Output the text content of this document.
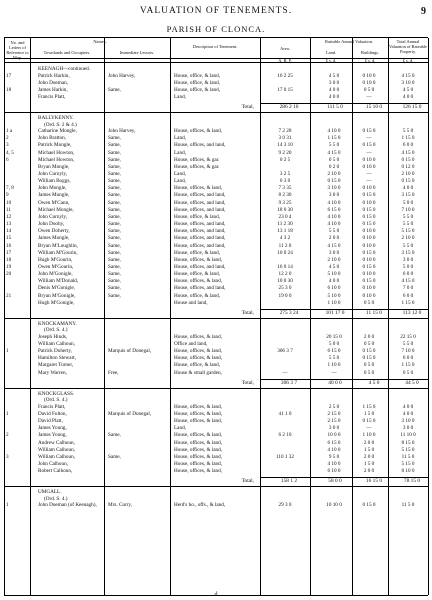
VALUATION OF TENEMENTS.	9
PARISH OF CLONCA.
No. and Letters of Reference to Map.
Names.
Townlands and Occupiers.	Immediate Lessors.
Description of Tenement.	Area.
Rateable Annual Valuation.
Land.	Buildings.
Total Annual Valuation of Rateable Property.
A. R. P.	£ s. d.	£ s. d.	£ s. d.
KEENAGH—continued.
17	Patrick Harkin,	John Harvey,	House, office, & land,	16 2 25	4 5 0	0 10 0	4 15 0
John Doeman,	House, office, & land,	3 0 0	0 10 0	3 10 0
18	James Harkin,	Same,	House, office, & land,	17 0 15	4 0 0	0 5 0	4 5 0
Francis Platt,	Land,	4 0 0	—	4 0 0
Total,	286 2 10	111 5 0	15 10 0	126 15 0
BALLYKENNY.
(Ord. S. 2 & 4.)
1 a	Catharine Mongle,	John Harvey,	House, offices, & land,	7 2 28	4 10 0	0 15 0	5 5 0
2	John Bratton,	Same,	Land,	3 0 31	1 15 0	—	1 15 0
3	Patrick Mongle,	Same,	House, offices, and land,	14 3 10	5 5 0	0 15 0	6 0 0
4, 5	Michael Howton,	Same,	Land,	9 2 20	4 15 0	—	4 15 0
6	Michael Howton,	Same,	House, offices, & gar.	0 2 5	0 5 0	0 10 0	0 15 0
Bryan Mongle,	Same,	House, offices, & gar.	0 2 0	0 10 0	0 12 0
John Curnyly,	Same,	Land,	3 2 5	2 10 0	—	2 10 0
William Boggs,	Same,	Land,	0 3 0	0 15 0	—	0 15 0
7, 8	John Mongle,	Same,	House, offices, & land,	7 3 35	3 10 0	0 10 0	4 0 0
9	James Mongle,	Same,	House, offices, and land,	8 2 30	3 0 0	0 15 0	3 15 0
10	Owen M'Cann,	Same,	House, offices, and land,	9 3 25	4 10 0	0 10 0	5 0 0
11	Michael Mongle,	Same,	House, offices, and land,	18 0 30	6 15 0	0 15 0	7 10 0
12	John Curnyly,	Same,	House, office, & land,	23 0 4	4 10 0	0 15 0	5 5 0
13	John Doohy,	Same,	House, offices, and land,	11 2 30	4 10 0	0 15 0	5 5 0
14	Owen Doherty,	Same,	House, offices, and land,	13 1 18	5 5 0	0 10 0	5 15 0
15	James Mongle,	Same,	House, offices, and land,	4 3 2	2 0 0	0 10 0	2 10 0
16	Bryan M'Loughlin,	Same,	House, offices, and land,	11 2 0	4 15 0	0 10 0	5 5 0
17	William M'Gourin,	Same,	House, office, & land,	10 0 24	3 0 0	0 15 0	3 15 0
18	Hugh M'Gourin,	Same,	House, offices, & land,	2 10 0	0 10 0	3 0 0
19	Owen M'Gourin,	Same,	House, offices, and land,	16 0 14	4 5 0	0 15 0	5 0 0
20	John M'Gonigle,	Same,	House, office, & land,	12 2 0	5 10 0	0 10 0	6 0 0
William M'Donald,	Same,	House, offices, & land,	10 0 30	4 0 0	0 15 0	4 15 0
Denis M'Gonigle,	Same,	House, offices, and land,	25 3 0	6 10 0	0 10 0	7 0 0
21	Bryan M'Gonigle,	Same,	House, office, & land,	19 0 0	5 10 0	0 10 0	6 0 0
Hugh M'Gonigle,	House and land,	1 10 0	0 5 0	1 15 0
Total,	275 3 24	101 17 0	11 15 0	113 12 0
KNOCKAMANY.
(Ord. S. 4.)
Joseph Hinds,	House, offices, & land,	20 15 0	2 0 0	22 15 0
William Calhoun,	Office and land,	5 0 0	0 5 0	5 5 0
1	Patrick Doherty,	Marquis of Donegal,	House, offices, & land,	306 3 7	6 15 0	0 15 0	7 10 0
Hamilton Stewart,	House, offices, & land,	5 5 0	0 15 0	6 0 0
Margaret Turner,	House, office, & land,	1 10 0	0 5 0	1 15 0
Mary Warren,	Free,	House & small garden,	—	—	0 5 0	0 5 0
Total,	306 3 7	40 0 0	4 5 0	44 5 0
KNOCKGLASS.
(Ord. S. 4.)
Francis Platt,	House, offices, & land,	2 5 0	1 15 0	4 0 0
1	David Fulton,	Marquis of Donegal,	House, offices, & land,	41 1 0	2 15 0	1 5 0	4 0 0
David Platt,	House, offices, & land,	2 15 0	0 15 0	3 10 0
James Young,	Land,	3 0 0	—	3 0 0
2	James Young,	Same,	House, offices, & land,	6 2 10	10 0 0	1 10 0	11 10 0
Andrew Calhoun,	House, offices, & land,	6 15 0	2 0 0	8 15 0
William Calhoun,	House, offices, & land,	4 10 0	1 5 0	5 15 0
3	William Calhoun,	Same,	House, offices, & land,	110 1 32	9 5 0	2 0 0	11 5 0
John Calhoun,	House, offices, & land,	4 10 0	1 5 0	5 15 0
Robert Calhoun,	House, offices, & land,	6 10 0	2 0 0	8 10 0
Total,	158 1 2	58 0 0	16 15 0	78 15 0
UMGALL.
(Ord. S. 4.)
1	John Doeman (of Keenagh),	Mrs. Curry,	Herd's ho., offs., & land,	29 3 0	10 10 0	0 15 0	11 5 0
d
